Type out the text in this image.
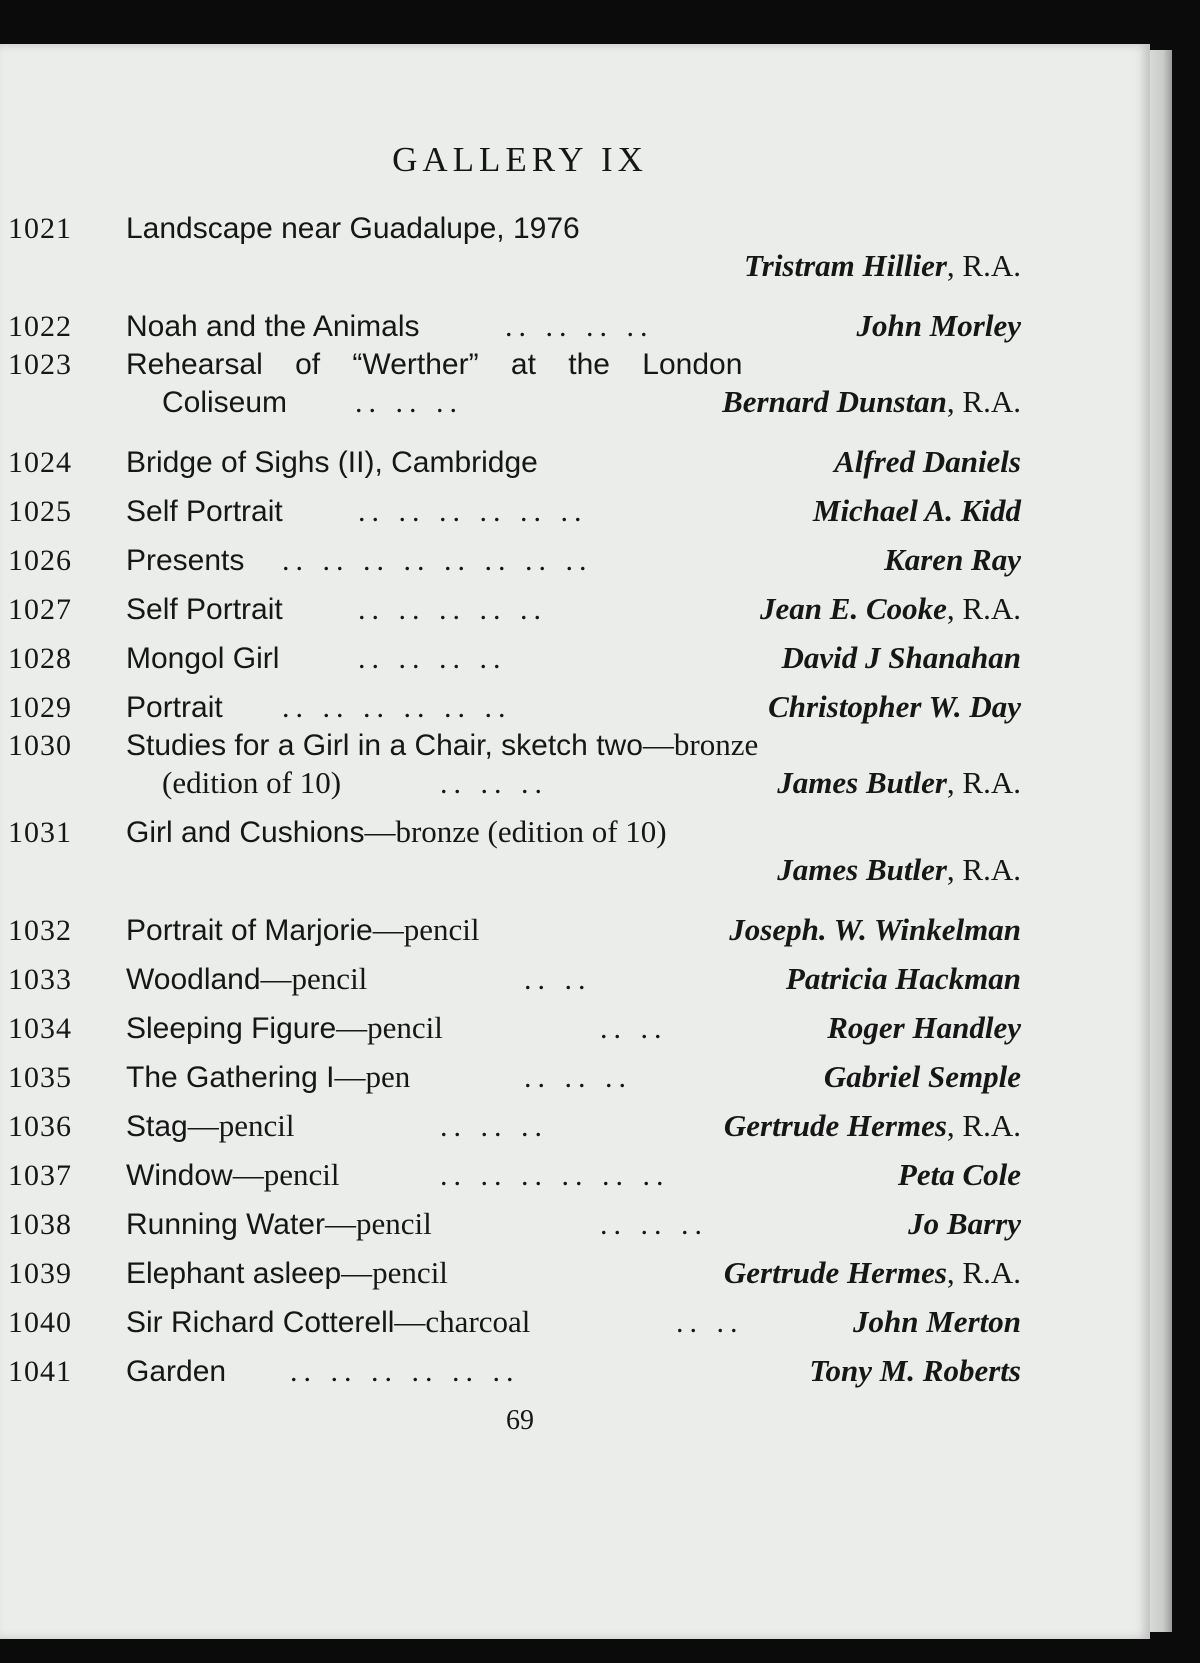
GALLERY IX
1021 Landscape near Guadalupe, 1976
Tristram Hillier, R.A.
1022 Noah and the Animals	.. .. .. ..	John Morley
1023 Rehearsal of “Werther” at the London
Coliseum .. .. ..	Bernard Dunstan, R.A.
1024 Bridge of Sighs (II), Cambridge	Alfred Daniels
1025 Self Portrait	.. .. .. .. .. ..	Michael A. Kidd
1026 Presents .. .. .. .. .. .. .. ..	Karen Ray
1027 Self Portrait	.. .. .. .. ..	Jean E. Cooke, R.A.
1028 Mongol Girl	.. .. .. ..	David J Shanahan
1029 Portrait .. .. .. .. .. ..	Christopher W. Day
1030 Studies for a Girl in a Chair, sketch two—bronze
(edition of 10)	.. .. ..	James Butler, R.A.
1031 Girl and Cushions—bronze (edition of 10)
James Butler, R.A.
1032 Portrait of Marjorie—pencil	Joseph. W. Winkelman
1033 Woodland—pencil	.. ..	Patricia Hackman
1034 Sleeping Figure—pencil	.. ..	Roger Handley
1035 The Gathering I—pen	.. .. ..	Gabriel Semple
1036 Stag—pencil	.. .. ..	Gertrude Hermes, R.A.
1037 Window—pencil	.. .. .. .. .. ..	Peta Cole
1038 Running Water—pencil	.. .. ..	Jo Barry
1039 Elephant asleep—pencil	Gertrude Hermes, R.A.
1040 Sir Richard Cotterell—charcoal	.. ..	John Merton
1041 Garden .. .. .. .. .. ..	Tony M. Roberts
69
